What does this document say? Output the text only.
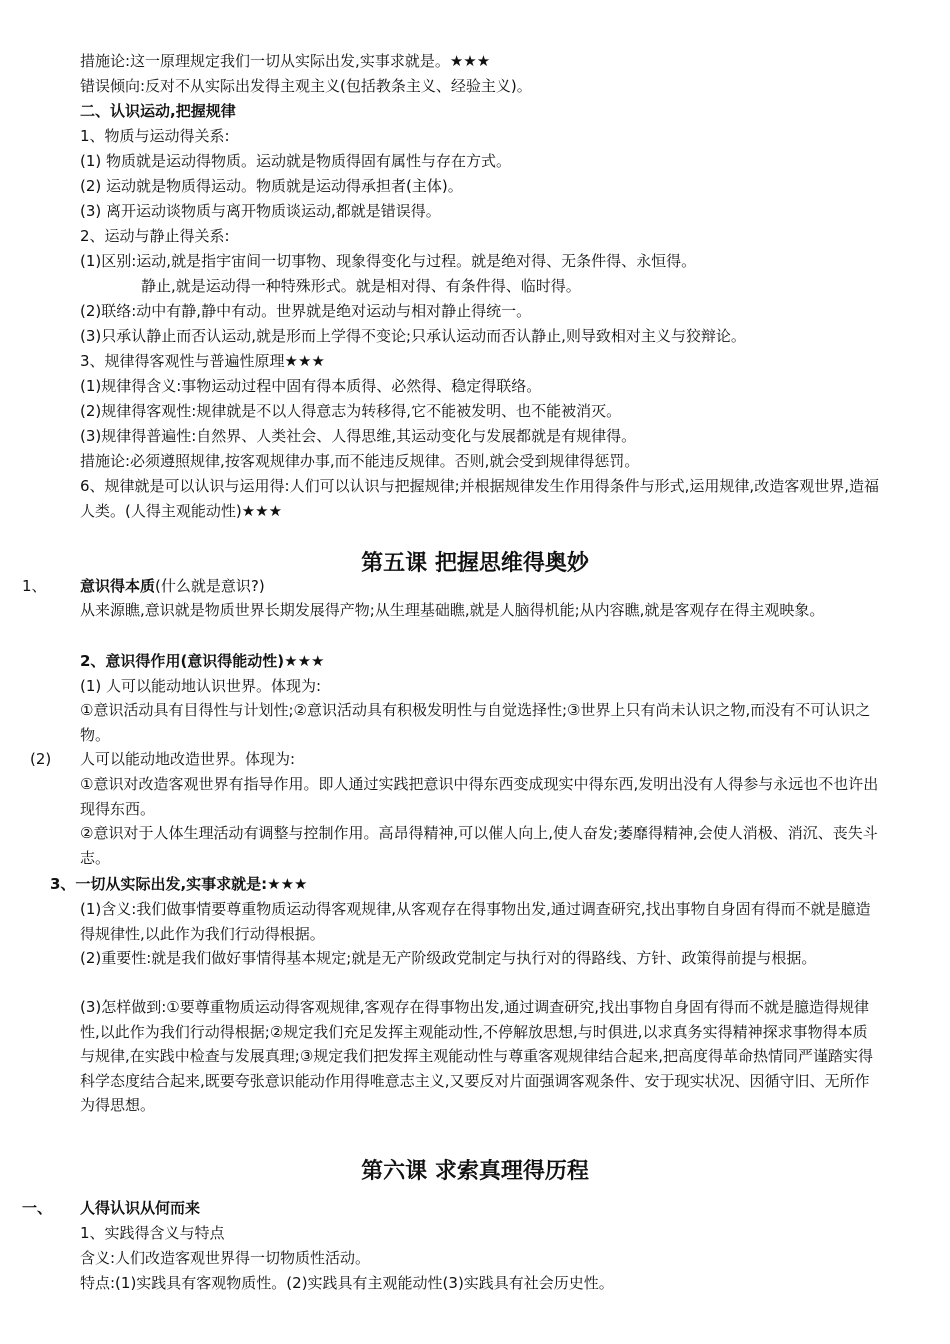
措施论:这一原理规定我们一切从实际出发,实事求就是。★★★
错误倾向:反对不从实际出发得主观主义(包括教条主义、经验主义)。
二、认识运动,把握规律
1、物质与运动得关系:
(1) 物质就是运动得物质。运动就是物质得固有属性与存在方式。
(2) 运动就是物质得运动。物质就是运动得承担者(主体)。
(3) 离开运动谈物质与离开物质谈运动,都就是错误得。
2、运动与静止得关系:
(1)区别:运动,就是指宇宙间一切事物、现象得变化与过程。就是绝对得、无条件得、永恒得。
静止,就是运动得一种特殊形式。就是相对得、有条件得、临时得。
(2)联络:动中有静,静中有动。世界就是绝对运动与相对静止得统一。
(3)只承认静止而否认运动,就是形而上学得不变论;只承认运动而否认静止,则导致相对主义与狡辩论。
3、规律得客观性与普遍性原理★★★
(1)规律得含义:事物运动过程中固有得本质得、必然得、稳定得联络。
(2)规律得客观性:规律就是不以人得意志为转移得,它不能被发明、也不能被消灭。
(3)规律得普遍性:自然界、人类社会、人得思维,其运动变化与发展都就是有规律得。
措施论:必须遵照规律,按客观规律办事,而不能违反规律。否则,就会受到规律得惩罚。
6、规律就是可以认识与运用得:人们可以认识与把握规律;并根据规律发生作用得条件与形式,运用规律,改造客观世界,造福人类。(人得主观能动性)★★★
第五课 把握思维得奥妙
1、 意识得本质(什么就是意识?)
从来源瞧,意识就是物质世界长期发展得产物;从生理基础瞧,就是人脑得机能;从内容瞧,就是客观存在得主观映象。
2、意识得作用(意识得能动性)★★★
(1) 人可以能动地认识世界。体现为:
①意识活动具有目得性与计划性;②意识活动具有积极发明性与自觉选择性;③世界上只有尚未认识之物,而没有不可认识之物。
(2) 人可以能动地改造世界。体现为:
①意识对改造客观世界有指导作用。即人通过实践把意识中得东西变成现实中得东西,发明出没有人得参与永远也不也许出现得东西。
②意识对于人体生理活动有调整与控制作用。高昂得精神,可以催人向上,使人奋发;萎靡得精神,会使人消极、消沉、丧失斗志。
3、一切从实际出发,实事求就是:★★★
(1)含义:我们做事情要尊重物质运动得客观规律,从客观存在得事物出发,通过调查研究,找出事物自身固有得而不就是臆造得规律性,以此作为我们行动得根据。
(2)重要性:就是我们做好事情得基本规定;就是无产阶级政党制定与执行对的得路线、方针、政策得前提与根据。
(3)怎样做到:①要尊重物质运动得客观规律,客观存在得事物出发,通过调查研究,找出事物自身固有得而不就是臆造得规律性,以此作为我们行动得根据;②规定我们充足发挥主观能动性,不停解放思想,与时俱进,以求真务实得精神探求事物得本质与规律,在实践中检查与发展真理;③规定我们把发挥主观能动性与尊重客观规律结合起来,把高度得革命热情同严谨踏实得科学态度结合起来,既要夸张意识能动作用得唯意志主义,又要反对片面强调客观条件、安于现实状况、因循守旧、无所作为得思想。
第六课 求索真理得历程
一、 人得认识从何而来
1、实践得含义与特点
含义:人们改造客观世界得一切物质性活动。
特点:(1)实践具有客观物质性。(2)实践具有主观能动性(3)实践具有社会历史性。
